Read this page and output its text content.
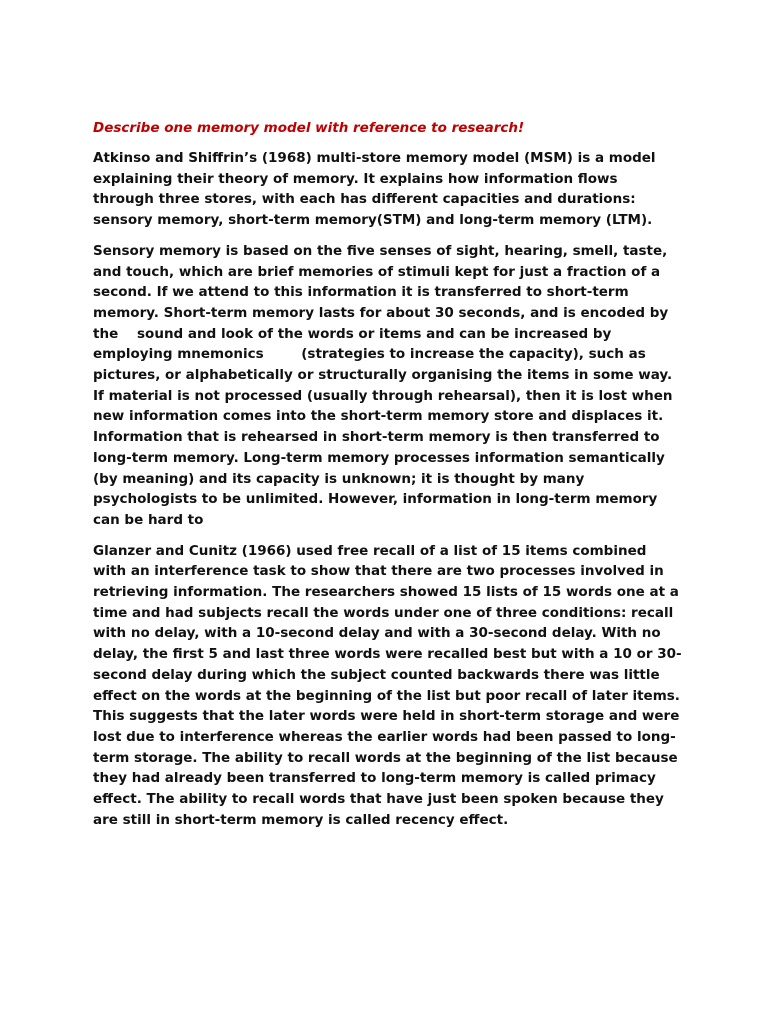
Describe one memory model with reference to research!

Atkinso and Shiffrin’s (1968) multi-store memory model (MSM) is a model explaining their theory of memory. It explains how information flows through three stores, with each has different capacities and durations: sensory memory, short-term memory(STM) and long-term memory (LTM).

Sensory memory is based on the five senses of sight, hearing, smell, taste, and touch, which are brief memories of stimuli kept for just a fraction of a second. If we attend to this information it is transferred to short-term memory. Short-term memory lasts for about 30 seconds, and is encoded by the    sound and look of the words or items and can be increased by employing mnemonics        (strategies to increase the capacity), such as pictures, or alphabetically or structurally organising the items in some way. If material is not processed (usually through rehearsal), then it is lost when new information comes into the short-term memory store and displaces it. Information that is rehearsed in short-term memory is then transferred to long-term memory. Long-term memory processes information semantically (by meaning) and its capacity is unknown; it is thought by many  psychologists to be unlimited. However, information in long-term memory can be hard to

Glanzer and Cunitz (1966) used free recall of a list of 15 items combined with an interference task to show that there are two processes involved in retrieving information. The researchers showed 15 lists of 15 words one at a time and had subjects recall the words under one of three conditions: recall with no delay, with a 10-second delay and with a 30-second delay. With no delay, the first 5 and last three words were recalled best but with a 10 or 30-second delay during which the subject counted backwards there was little effect on the words at the beginning of the list but poor recall of later items. This suggests that the later words were held in short-term storage and were lost due to interference whereas the earlier words had been passed to long-term storage. The ability to recall words at the beginning of the list because they had already been transferred to long-term memory is called primacy effect. The ability to recall words that have just been spoken because they are still in short-term memory is called recency effect.
